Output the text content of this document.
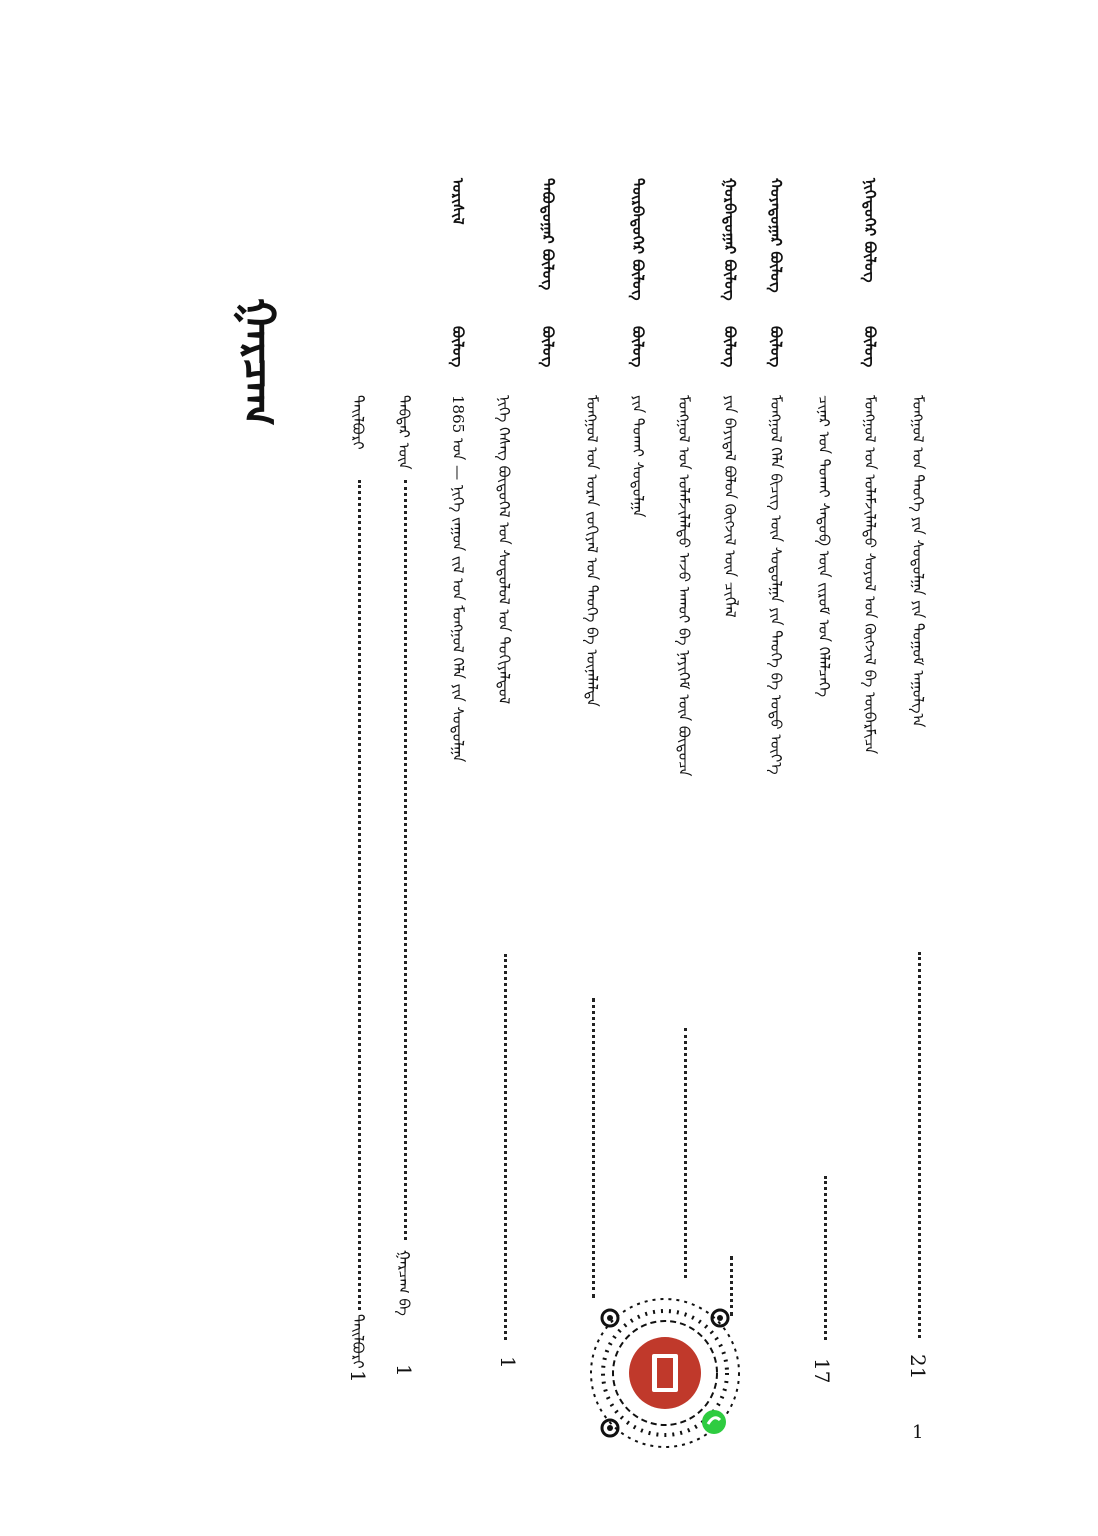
ᠭᠠᠷᠴᠠᠭ
ᠨᠢᠭᠡᠳᠦᠭᠡᠷ ᠪᠦᠯᠦᠭ
ᠪᠦᠯᠦᠭ
ᠮᠣᠩᠭᠣᠯ ᠤᠨ ᠲᠡᠦᠬᠡ ᠶᠢᠨ ᠰᠤᠳᠤᠯᠭᠠ ᠶᠢᠨ ᠲᠣᠭᠣᠮ ᠠᠭᠤᠯᠭ᠎ᠠ
21
ᠬᠣᠶᠠᠳᠤᠭᠠᠷ ᠪᠦᠯᠦᠭ
ᠪᠦᠯᠦᠭ
ᠮᠣᠩᠭᠣᠯ ᠤᠨ ᠤᠯᠠᠮᠵᠢᠯᠠᠯᠲᠤ ᠰᠣᠶᠣᠯ ᠤᠨ ᠬᠥᠭᠵᠢᠯ ᠪᠠ ᠥᠪᠡᠷᠮᠢᠴᠡ
ᠴᠢᠨᠠᠷ ᠤᠨ ᠲᠤᠬᠠᠢ ᠰᠡᠳᠦᠪ ᠦᠨ ᠵᠢᠷᠤᠮ ᠤᠨ ᠬᠡᠯᠡᠯᠴᠡᠭᠡ
17
ᠭᠤᠷᠪᠠᠳᠤᠭᠠᠷ ᠪᠦᠯᠦᠭ
ᠪᠦᠯᠦᠭ
ᠮᠣᠩᠭᠣᠯ ᠬᠡᠯᠡ ᠪᠢᠴᠢᠭ ᠦᠨ ᠰᠤᠳᠤᠯᠭᠠ ᠶᠢᠨ ᠲᠡᠦᠬᠡ ᠪᠠ ᠣᠳᠣ ᠦᠶ᠎ᠡ
ᠶᠢᠨ ᠪᠠᠶᠢᠳᠠᠯ ᠪᠣᠯᠤᠨ ᠬᠥᠭᠵᠢᠯ ᠦᠨ ᠴᠢᠭᠯᠡᠯ
ᠳᠥᠷᠪᠡᠳᠦᠭᠡᠷ ᠪᠦᠯᠦᠭ
ᠪᠦᠯᠦᠭ
ᠮᠣᠩᠭᠣᠯ ᠤᠨ ᠤᠯᠠᠮᠵᠢᠯᠠᠯᠲᠤ ᠠᠵᠤ ᠠᠬᠤᠢ ᠪᠠ ᠨᠡᠶᠢᠭᠡᠮ ᠦᠨ ᠪᠦᠲᠦᠴᠡ
ᠶᠢᠨ ᠲᠤᠬᠠᠢ ᠰᠤᠳᠤᠯᠭᠠ
ᠲᠠᠪᠤᠳᠤᠭᠠᠷ ᠪᠦᠯᠦᠭ
ᠪᠦᠯᠦᠭ
ᠮᠣᠩᠭᠣᠯ ᠤᠨ ᠤᠷᠠᠨ ᠵᠣᠬᠢᠶᠠᠯ ᠤᠨ ᠲᠡᠦᠬᠡ ᠪᠠ ᠦᠨᠡᠯᠡᠯᠲᠡ
ᠨᠢᠭᠡ ᠬᠡᠰᠡᠭ ᠪᠦᠲᠦᠭᠡᠯ ᠤᠨ ᠰᠤᠳᠤᠯᠤᠯ ᠤᠨ ᠲᠣᠬᠢᠶᠠᠯᠳᠤᠯ
1
ᠣᠷᠢᠰᠢᠯ
ᠪᠦᠯᠦᠭ
1865 ᠣᠨ — ᠨᠢᠭᠡ ᠵᠠᠭᠤᠨ ᠵᠢᠯ ᠤᠨ ᠮᠣᠩᠭᠣᠯ ᠬᠡᠯᠡ ᠶᠢᠨ ᠰᠤᠳᠤᠯᠭᠠ
ᠳᠡᠪᠲᠡᠷ ᠦᠨ
ᠭᠠᠷᠴᠠᠭ ᠪᠠ
1
ᠲᠠᠢᠯᠪᠤᠷᠢ
ᠲᠠᠢᠯᠪᠤᠷᠢ
1
1
